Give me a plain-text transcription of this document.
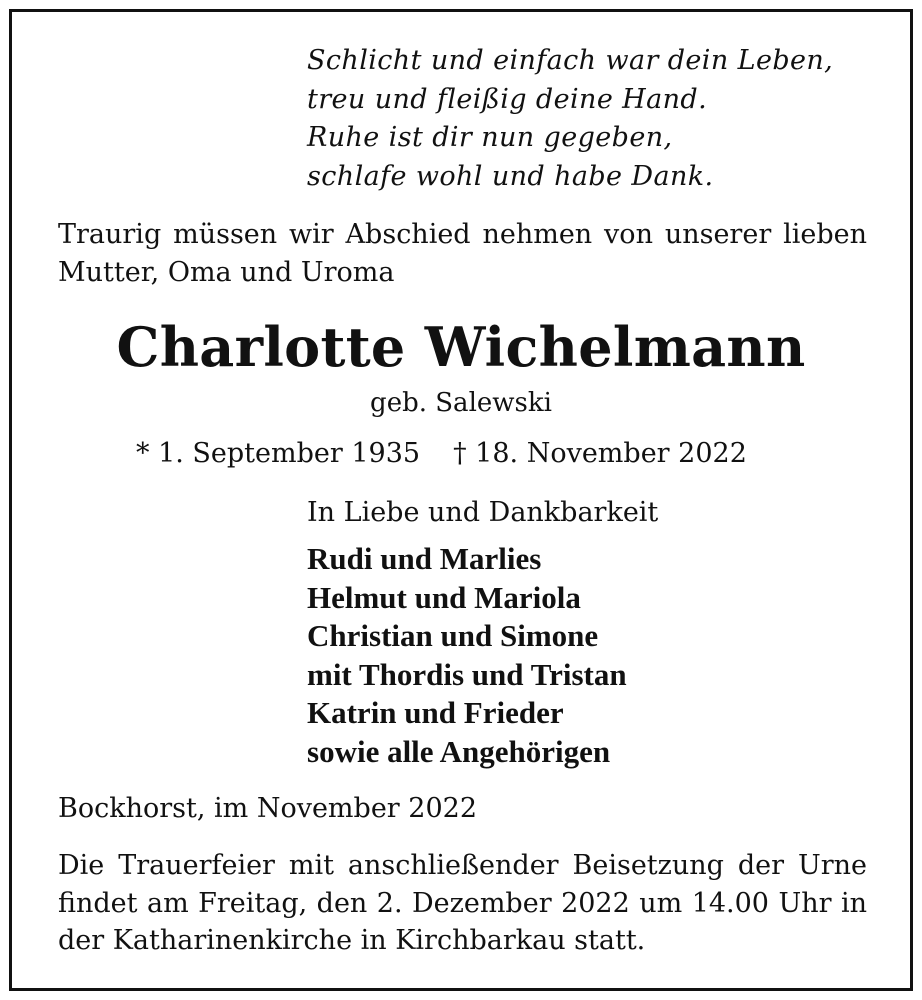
Schlicht und einfach war dein Leben,
treu und fleißig deine Hand.
Ruhe ist dir nun gegeben,
schlafe wohl und habe Dank.
Traurig müssen wir Abschied nehmen von unserer lieben Mutter, Oma und Uroma
Charlotte Wichelmann
geb. Salewski
* 1. September 1935 † 18. November 2022
In Liebe und Dankbarkeit
Rudi und Marlies
Helmut und Mariola
Christian und Simone
mit Thordis und Tristan
Katrin und Frieder
sowie alle Angehörigen
Bockhorst, im November 2022
Die Trauerfeier mit anschließender Beisetzung der Urne findet am Freitag, den 2. Dezember 2022 um 14.00 Uhr in der Katharinenkirche in Kirchbarkau statt.
